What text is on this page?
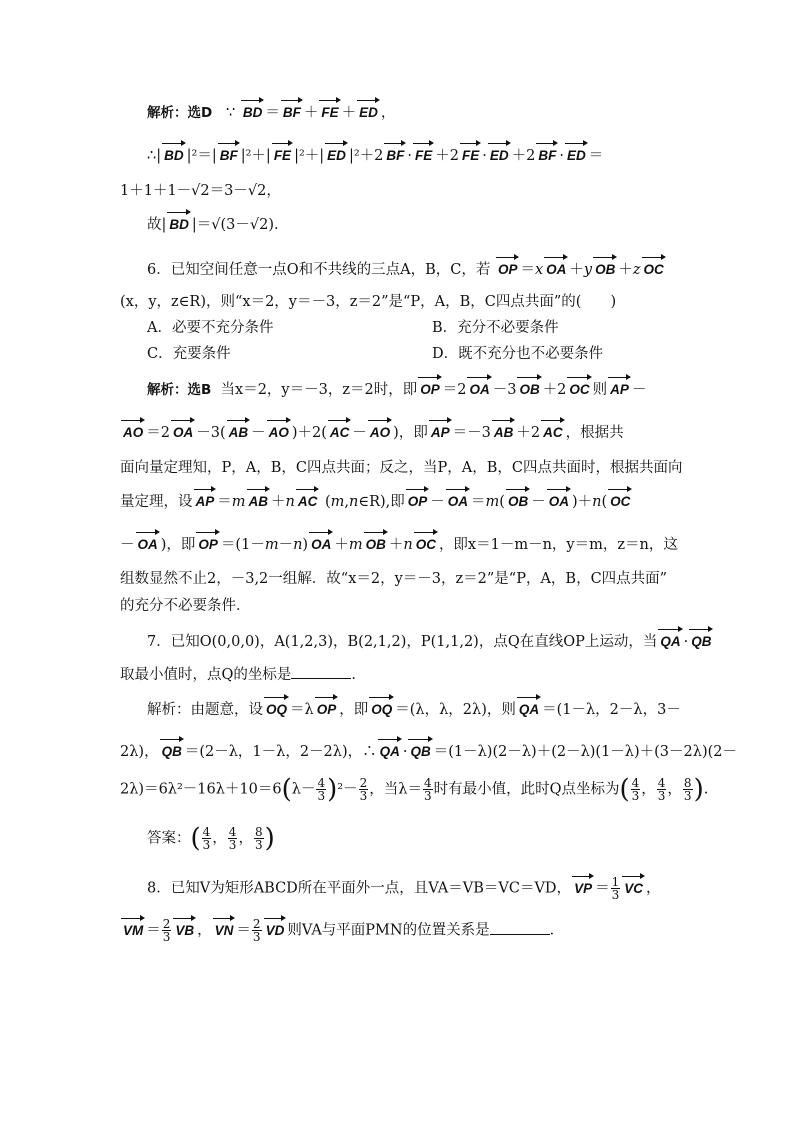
解析：选D ∵ BD ＝ BF ＋ FE ＋ ED ，
∴| BD |²＝| BF |²＋| FE |²＋| ED |²＋2 BF · FE ＋2 FE · ED ＋2 BF · ED ＝
1＋1＋1－√2＝3－√2，
故| BD |＝√(3－√2).
6．已知空间任意一点O和不共线的三点A，B，C，若 OP ＝x OA ＋y OB ＋z OC
(x，y，z∈R)，则“x＝2，y＝－3，z＝2”是“P，A，B，C四点共面”的(　　)
A．必要不充分条件	B．充分不必要条件
C．充要条件	D．既不充分也不必要条件
解析：选B 当x＝2，y＝－3，z＝2时，即 OP ＝2 OA －3 OB ＋2 OC 则 AP －
AO ＝2 OA －3( AB － AO )＋2( AC － AO )，即 AP ＝－3 AB ＋2 AC ，根据共
面向量定理知，P，A，B，C四点共面；反之，当P，A，B，C四点共面时，根据共面向
量定理，设 AP ＝m AB ＋n AC (m,n∈R),即 OP － OA ＝m( OB － OA )＋n( OC
－ OA )，即 OP ＝(1－m－n) OA ＋m OB ＋n OC ，即x＝1－m－n，y＝m，z＝n，这
组数显然不止2，－3,2一组解．故“x＝2，y＝－3，z＝2”是“P，A，B，C四点共面”
的充分不必要条件．
7．已知O(0,0,0)，A(1,2,3)，B(2,1,2)，P(1,1,2)，点Q在直线OP上运动，当 QA · QB
取最小值时，点Q的坐标是	．
解析：由题意，设 OQ ＝λ OP ，即 OQ ＝(λ，λ，2λ)，则 QA ＝(1－λ，2－λ，3－
2λ)， QB ＝(2－λ，1－λ，2－2λ)，∴ QA · QB ＝(1－λ)(2－λ)＋(2－λ)(1－λ)＋(3－2λ)(2－
$2\lambda)=6\lambda^2-16\lambda+10=6(\lambda- \frac{4}{3} )^2- \frac{2}{3}$ ，当$\lambda= \frac{4}{3}$ 时有最小值，此时Q点坐标为( $\frac{4}{3}$ ， $\frac{4}{3}$ ， $\frac{8}{3}$ ).
答案：( $\frac{4}{3}$ ， $\frac{4}{3}$ ， $\frac{8}{3}$ )
8．已知V为矩形ABCD所在平面外一点，且VA＝VB＝VC＝VD， VP ＝ $\frac{1}{3}$ VC ，
VM ＝ $\frac{2}{3}$ VB ， VN ＝ $\frac{2}{3}$ VD 则VA与平面PMN的位置关系是	．
